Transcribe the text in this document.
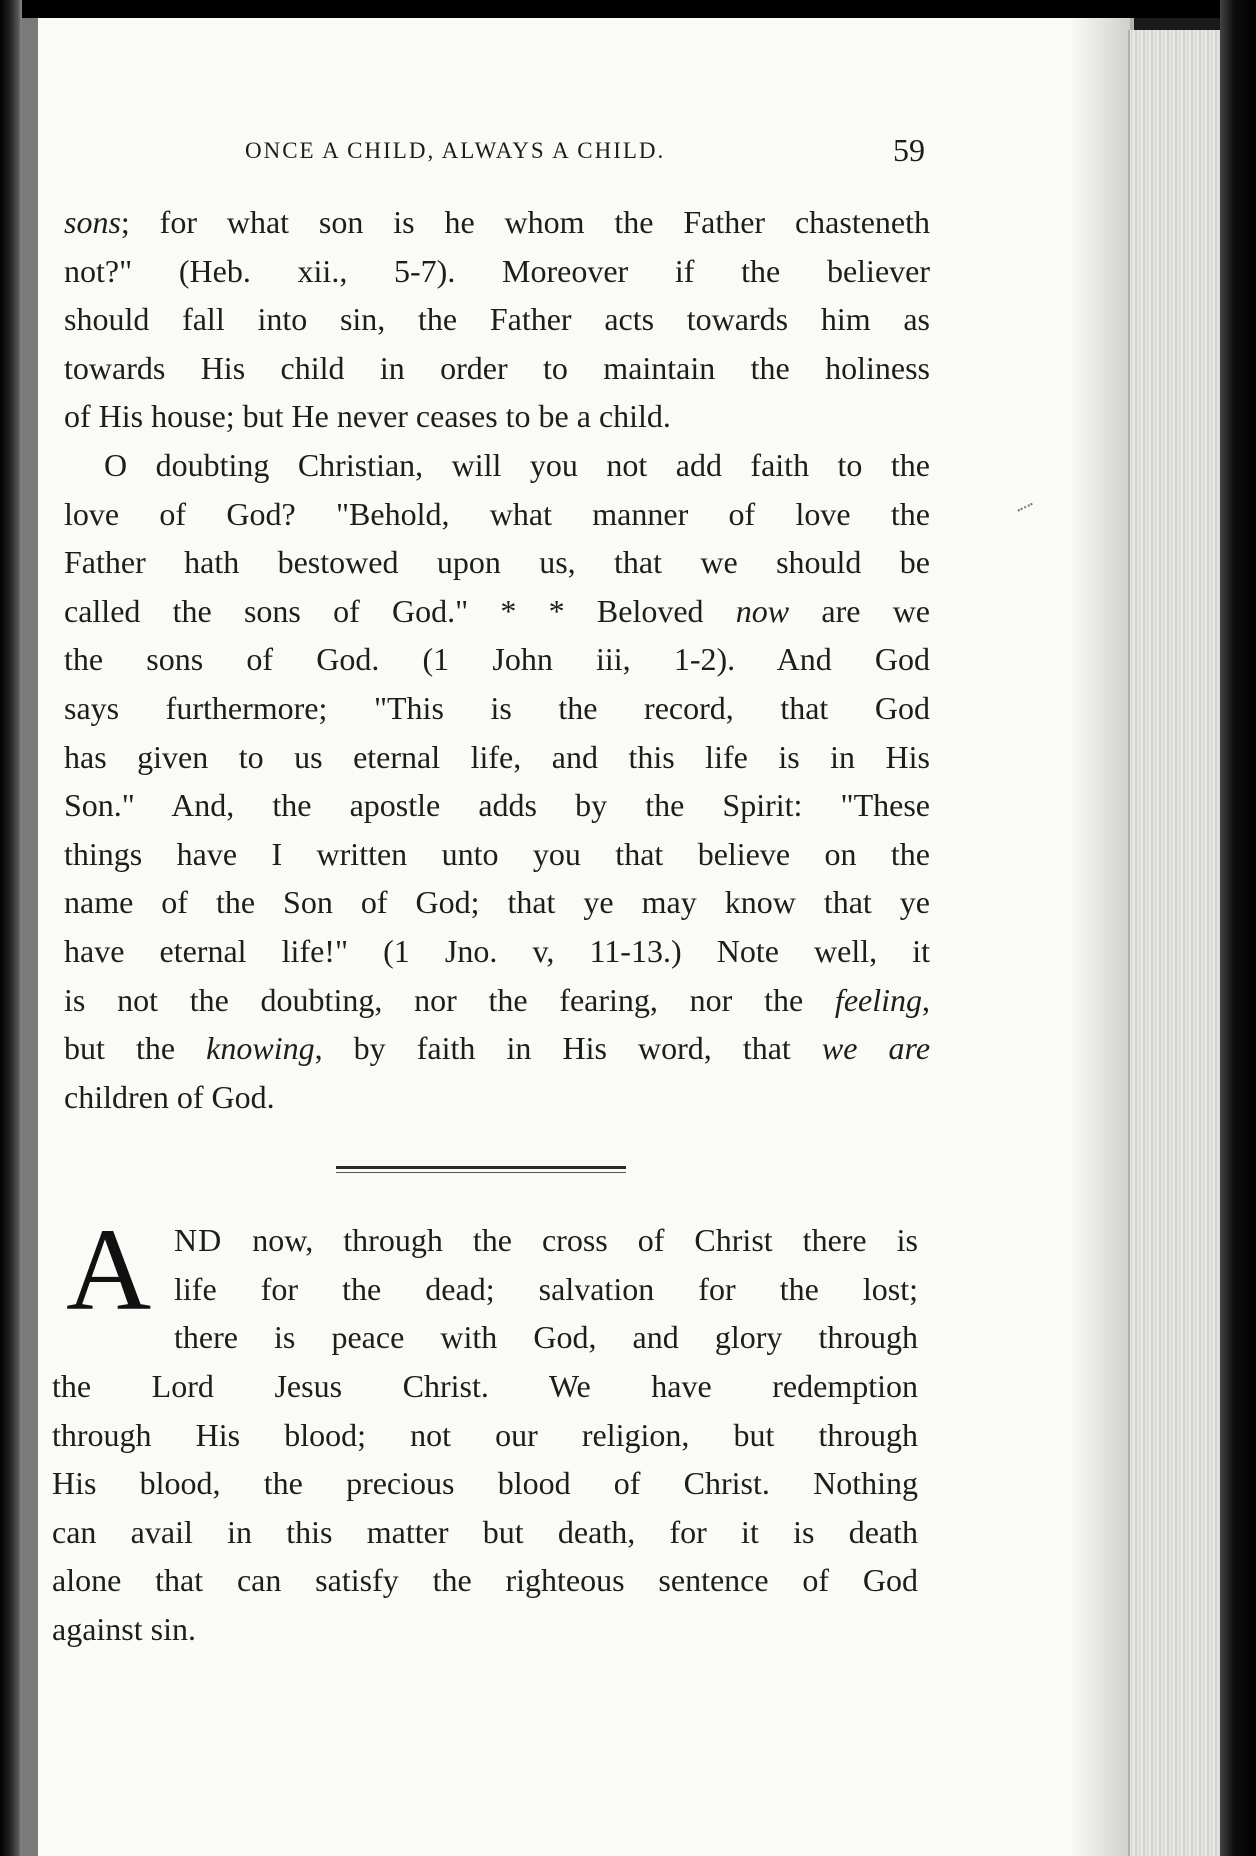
ONCE A CHILD, ALWAYS A CHILD.	59
sons; for what son is he whom the Father chasteneth
not?" (Heb. xii., 5-7). Moreover if the believer
should fall into sin, the Father acts towards him as
towards His child in order to maintain the holiness
of His house; but He never ceases to be a child.
O doubting Christian, will you not add faith to the
love of God? "Behold, what manner of love the
Father hath bestowed upon us, that we should be
called the sons of God." * * Beloved now are we
the sons of God. (1 John iii, 1-2). And God
says furthermore; "This is the record, that God
has given to us eternal life, and this life is in His
Son." And, the apostle adds by the Spirit: "These
things have I written unto you that believe on the
name of the Son of God; that ye may know that ye
have eternal life!" (1 Jno. v, 11-13.) Note well, it
is not the doubting, nor the fearing, nor the feeling,
but the knowing, by faith in His word, that we are
children of God.
A ND now, through the cross of Christ there is
life for the dead; salvation for the lost;
there is peace with God, and glory through
the Lord Jesus Christ. We have redemption
through His blood; not our religion, but through
His blood, the precious blood of Christ. Nothing
can avail in this matter but death, for it is death
alone that can satisfy the righteous sentence of God
against sin.
